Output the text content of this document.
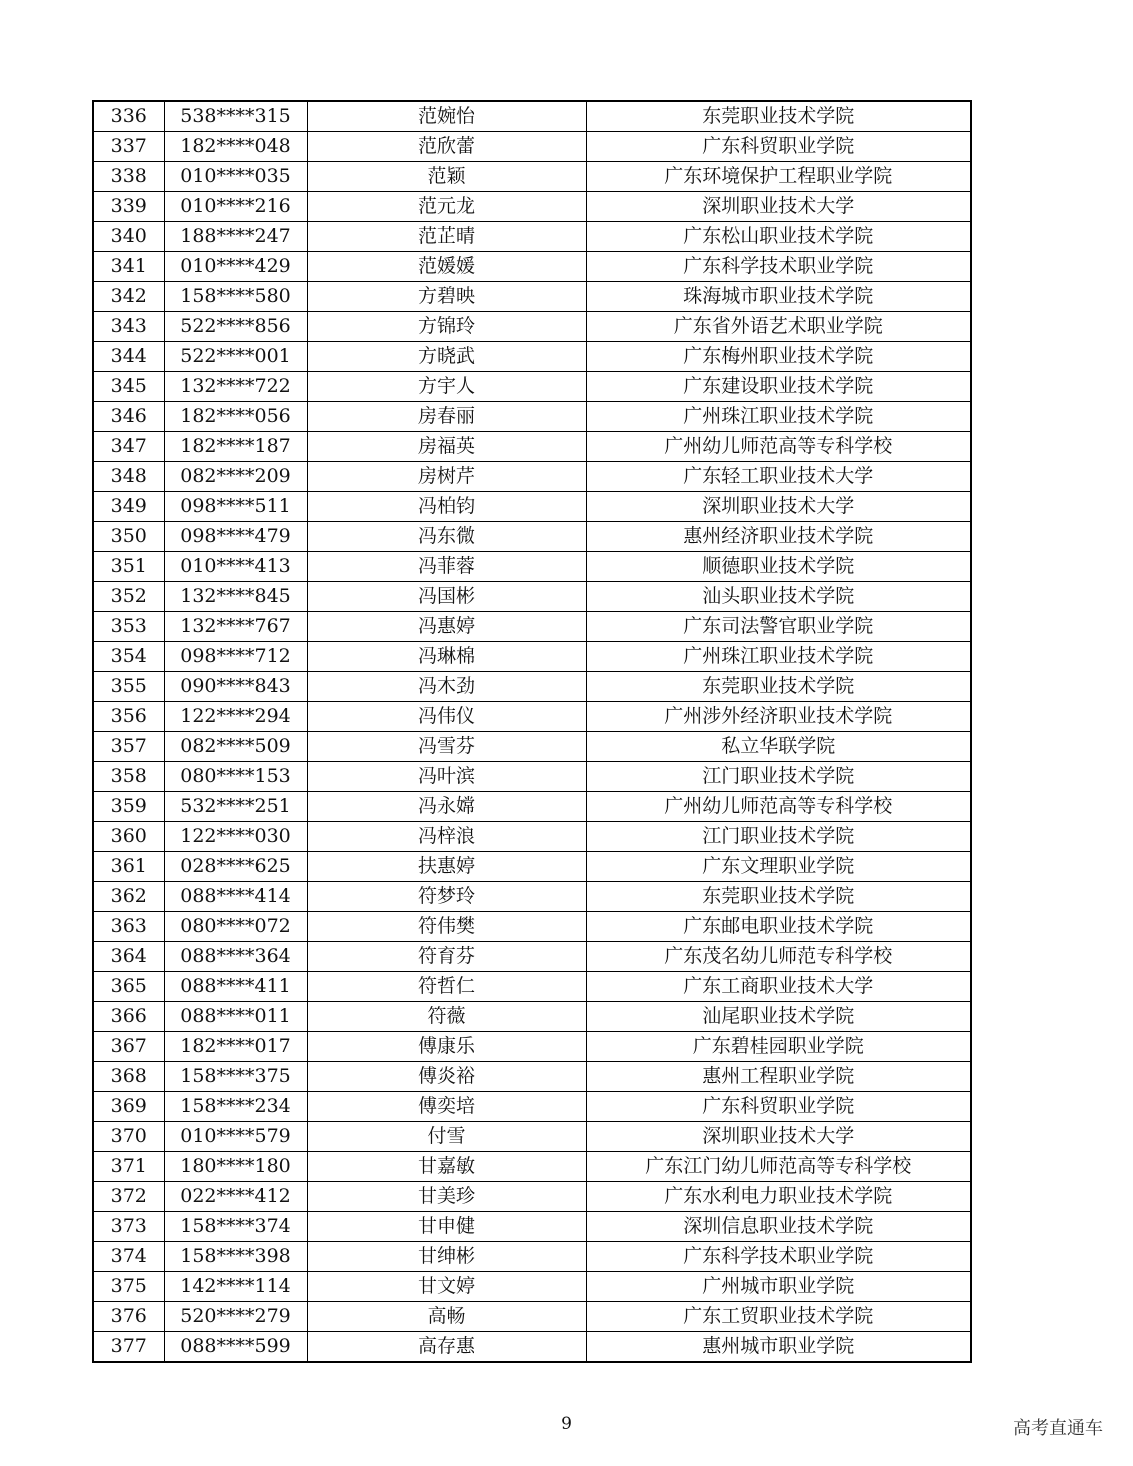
336	538****315	范婉怡	东莞职业技术学院
337	182****048	范欣蕾	广东科贸职业学院
338	010****035	范颖	广东环境保护工程职业学院
339	010****216	范元龙	深圳职业技术大学
340	188****247	范芷晴	广东松山职业技术学院
341	010****429	范媛媛	广东科学技术职业学院
342	158****580	方碧映	珠海城市职业技术学院
343	522****856	方锦玲	广东省外语艺术职业学院
344	522****001	方晓武	广东梅州职业技术学院
345	132****722	方宇人	广东建设职业技术学院
346	182****056	房春丽	广州珠江职业技术学院
347	182****187	房福英	广州幼儿师范高等专科学校
348	082****209	房树芹	广东轻工职业技术大学
349	098****511	冯柏钧	深圳职业技术大学
350	098****479	冯东微	惠州经济职业技术学院
351	010****413	冯菲蓉	顺德职业技术学院
352	132****845	冯国彬	汕头职业技术学院
353	132****767	冯惠婷	广东司法警官职业学院
354	098****712	冯琳棉	广州珠江职业技术学院
355	090****843	冯木劲	东莞职业技术学院
356	122****294	冯伟仪	广州涉外经济职业技术学院
357	082****509	冯雪芬	私立华联学院
358	080****153	冯叶滨	江门职业技术学院
359	532****251	冯永嫦	广州幼儿师范高等专科学校
360	122****030	冯梓浪	江门职业技术学院
361	028****625	扶惠婷	广东文理职业学院
362	088****414	符梦玲	东莞职业技术学院
363	080****072	符伟樊	广东邮电职业技术学院
364	088****364	符育芬	广东茂名幼儿师范专科学校
365	088****411	符哲仁	广东工商职业技术大学
366	088****011	符薇	汕尾职业技术学院
367	182****017	傅康乐	广东碧桂园职业学院
368	158****375	傅炎裕	惠州工程职业学院
369	158****234	傅奕培	广东科贸职业学院
370	010****579	付雪	深圳职业技术大学
371	180****180	甘嘉敏	广东江门幼儿师范高等专科学校
372	022****412	甘美珍	广东水利电力职业技术学院
373	158****374	甘申健	深圳信息职业技术学院
374	158****398	甘绅彬	广东科学技术职业学院
375	142****114	甘文婷	广州城市职业学院
376	520****279	高畅	广东工贸职业技术学院
377	088****599	高存惠	惠州城市职业学院
9	高考直通车
